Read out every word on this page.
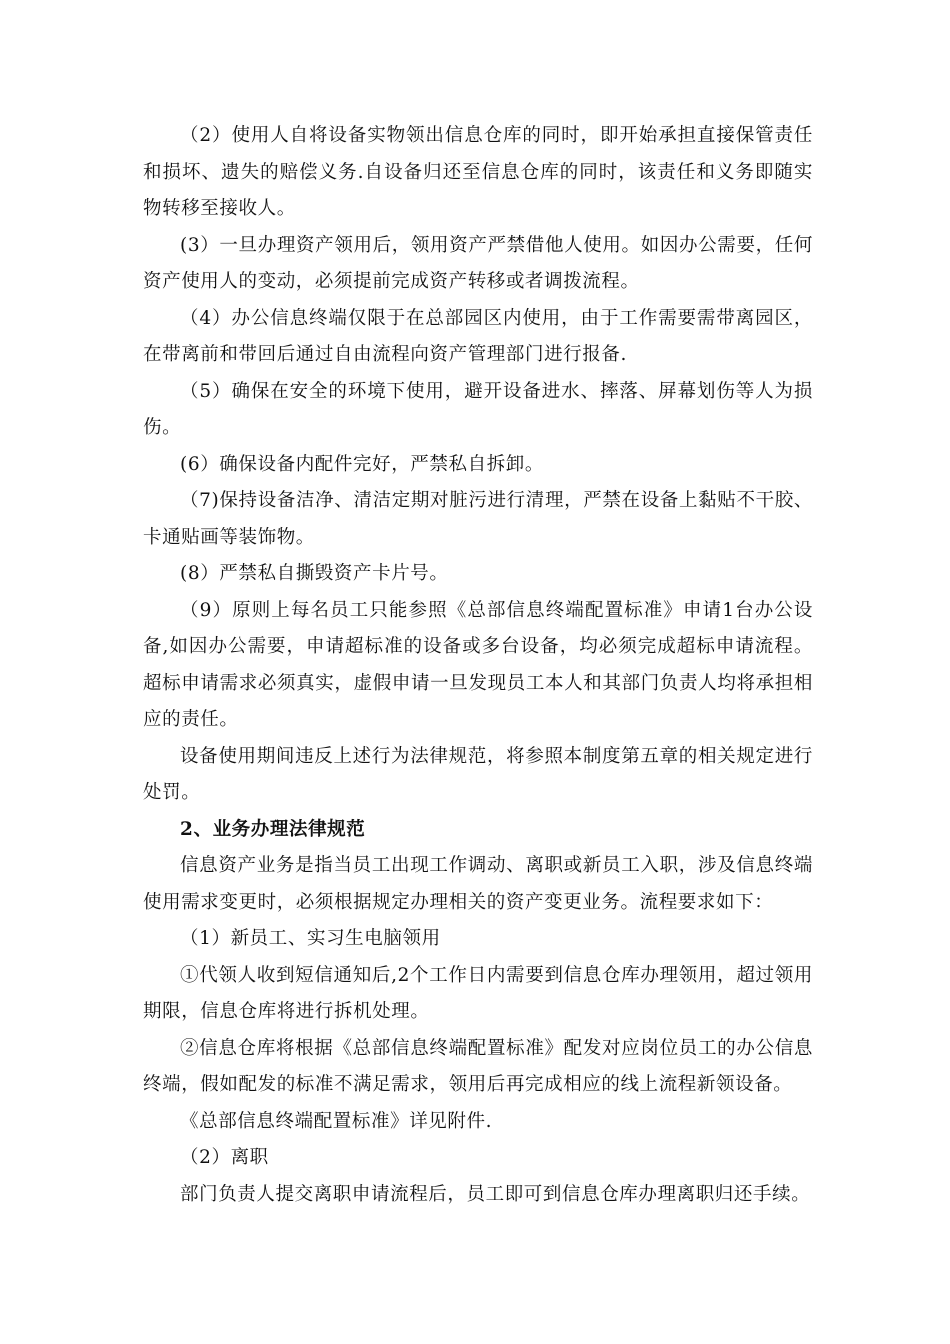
（2）使用人自将设备实物领出信息仓库的同时，即开始承担直接保管责任和损坏、遗失的赔偿义务.自设备归还至信息仓库的同时，该责任和义务即随实物转移至接收人。

(3）一旦办理资产领用后，领用资产严禁借他人使用。如因办公需要，任何资产使用人的变动，必须提前完成资产转移或者调拨流程。

（4）办公信息终端仅限于在总部园区内使用，由于工作需要需带离园区，在带离前和带回后通过自由流程向资产管理部门进行报备.

（5）确保在安全的环境下使用，避开设备进水、摔落、屏幕划伤等人为损伤。

(6）确保设备内配件完好，严禁私自拆卸。

（7)保持设备洁净、清洁定期对脏污进行清理，严禁在设备上黏贴不干胶、卡通贴画等装饰物。

(8）严禁私自撕毁资产卡片号。

（9）原则上每名员工只能参照《总部信息终端配置标准》申请1台办公设备,如因办公需要，申请超标准的设备或多台设备，均必须完成超标申请流程。超标申请需求必须真实，虚假申请一旦发现员工本人和其部门负责人均将承担相应的责任。

设备使用期间违反上述行为法律规范，将参照本制度第五章的相关规定进行处罚。

2、业务办理法律规范

信息资产业务是指当员工出现工作调动、离职或新员工入职，涉及信息终端使用需求变更时，必须根据规定办理相关的资产变更业务。流程要求如下：

（1）新员工、实习生电脑领用

①代领人收到短信通知后,2个工作日内需要到信息仓库办理领用，超过领用期限，信息仓库将进行拆机处理。

②信息仓库将根据《总部信息终端配置标准》配发对应岗位员工的办公信息终端，假如配发的标准不满足需求，领用后再完成相应的线上流程新领设备。

《总部信息终端配置标准》详见附件.

（2）离职

部门负责人提交离职申请流程后，员工即可到信息仓库办理离职归还手续。
